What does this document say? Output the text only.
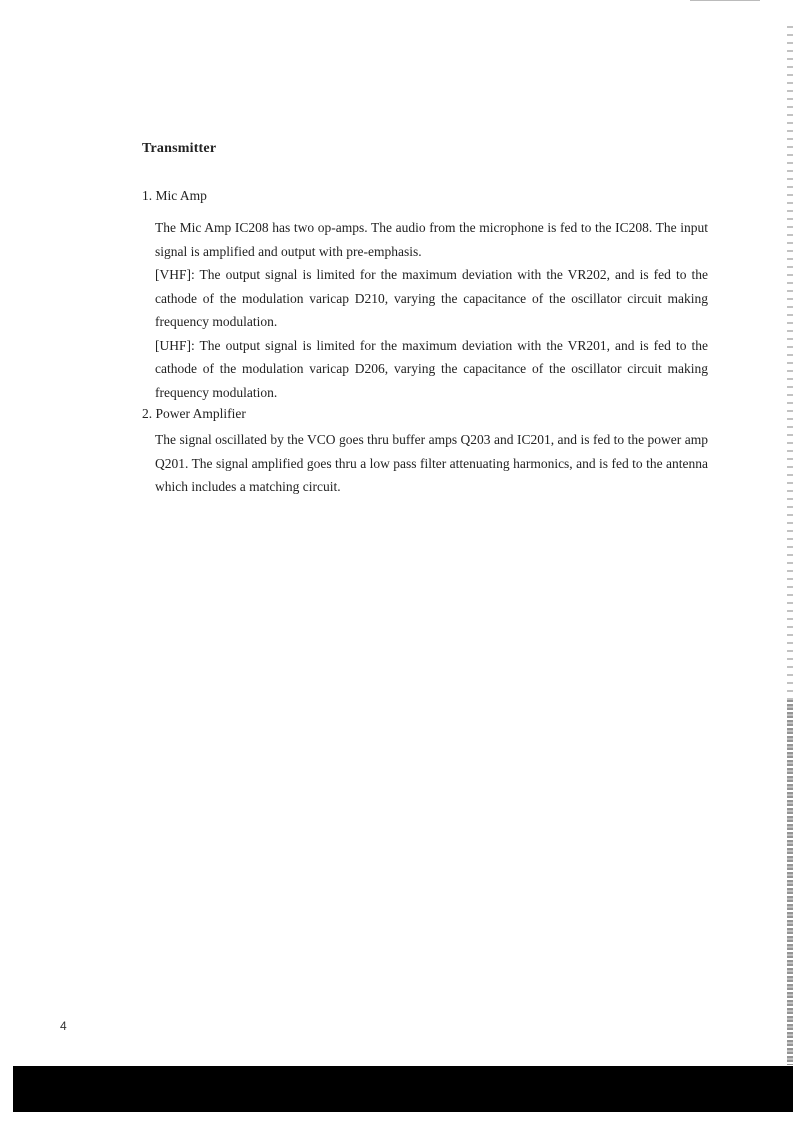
Transmitter
1. Mic Amp

The Mic Amp IC208 has two op-amps. The audio from the microphone is fed to the IC208. The input signal is amplified and output with pre-emphasis.

[VHF]: The output signal is limited for the maximum deviation with the VR202, and is fed to the cathode of the modulation varicap D210, varying the capacitance of the oscillator circuit making frequency modulation.

[UHF]: The output signal is limited for the maximum deviation with the VR201, and is fed to the cathode of the modulation varicap D206, varying the capacitance of the oscillator circuit making frequency modulation.

2. Power Amplifier

The signal oscillated by the VCO goes thru buffer amps Q203 and IC201, and is fed to the power amp Q201. The signal amplified goes thru a low pass filter attenuating harmonics, and is fed to the antenna which includes a matching circuit.

4
